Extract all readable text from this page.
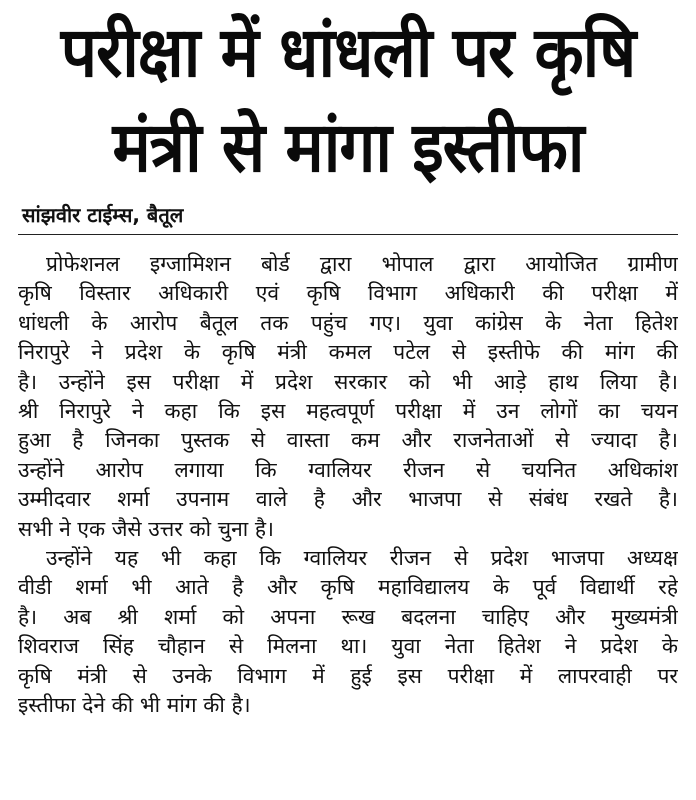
परीक्षा में धांधली पर कृषि
मंत्री से मांगा इस्तीफा
सांझवीर टाईम्स, बैतूल
प्रोफेशनल इग्जामिशन बोर्ड द्वारा भोपाल द्वारा आयोजित ग्रामीण
कृषि विस्तार अधिकारी एवं कृषि विभाग अधिकारी की परीक्षा में
धांधली के आरोप बैतूल तक पहुंच गए। युवा कांग्रेस के नेता हितेश
निरापुरे ने प्रदेश के कृषि मंत्री कमल पटेल से इस्तीफे की मांग की
है। उन्होंने इस परीक्षा में प्रदेश सरकार को भी आड़े हाथ लिया है।
श्री निरापुरे ने कहा कि इस महत्वपूर्ण परीक्षा में उन लोगों का चयन
हुआ है जिनका पुस्तक से वास्ता कम और राजनेताओं से ज्यादा है।
उन्होंने आरोप लगाया कि ग्वालियर रीजन से चयनित अधिकांश
उम्मीदवार शर्मा उपनाम वाले है और भाजपा से संबंध रखते है।
सभी ने एक जैसे उत्तर को चुना है।
उन्होंने यह भी कहा कि ग्वालियर रीजन से प्रदेश भाजपा अध्यक्ष
वीडी शर्मा भी आते है और कृषि महाविद्यालय के पूर्व विद्यार्थी रहे
है। अब श्री शर्मा को अपना रूख बदलना चाहिए और मुख्यमंत्री
शिवराज सिंह चौहान से मिलना था। युवा नेता हितेश ने प्रदेश के
कृषि मंत्री से उनके विभाग में हुई इस परीक्षा में लापरवाही पर
इस्तीफा देने की भी मांग की है।
